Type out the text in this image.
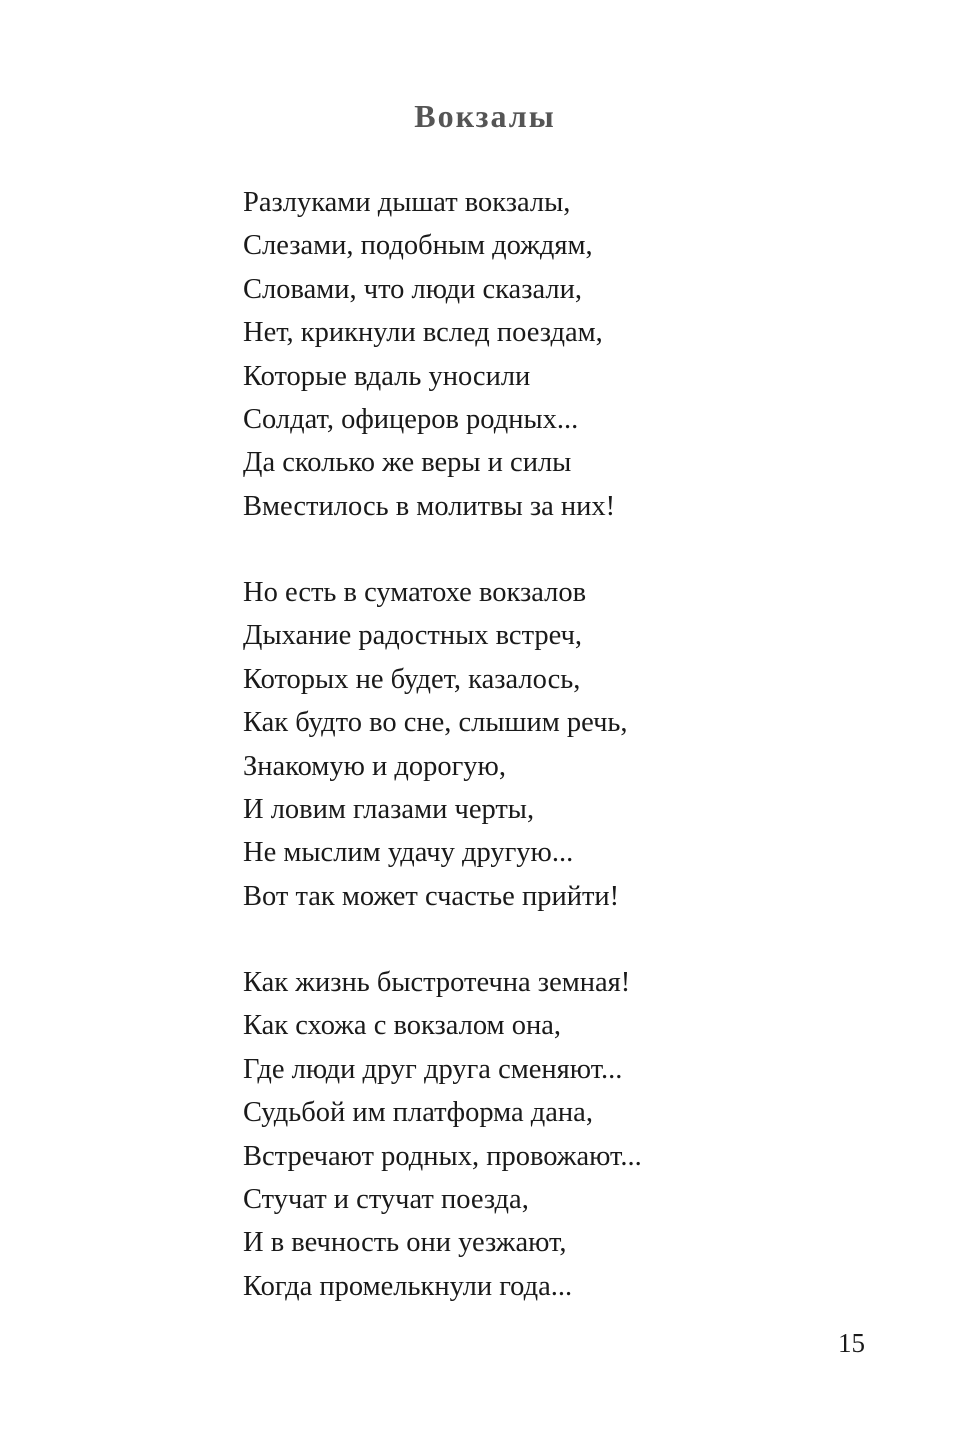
Вокзалы
Разлуками дышат вокзалы,
Слезами, подобным дождям,
Словами, что люди сказали,
Нет, крикнули вслед поездам,
Которые вдаль уносили
Солдат, офицеров родных...
Да сколько же веры и силы
Вместилось в молитвы за них!
Но есть в суматохе вокзалов
Дыхание радостных встреч,
Которых не будет, казалось,
Как будто во сне, слышим речь,
Знакомую и дорогую,
И ловим глазами черты,
Не мыслим удачу другую...
Вот так может счастье прийти!
Как жизнь быстротечна земная!
Как схожа с вокзалом она,
Где люди друг друга сменяют...
Судьбой им платформа дана,
Встречают родных, провожают...
Стучат и стучат поезда,
И в вечность они уезжают,
Когда промелькнули года...
15
